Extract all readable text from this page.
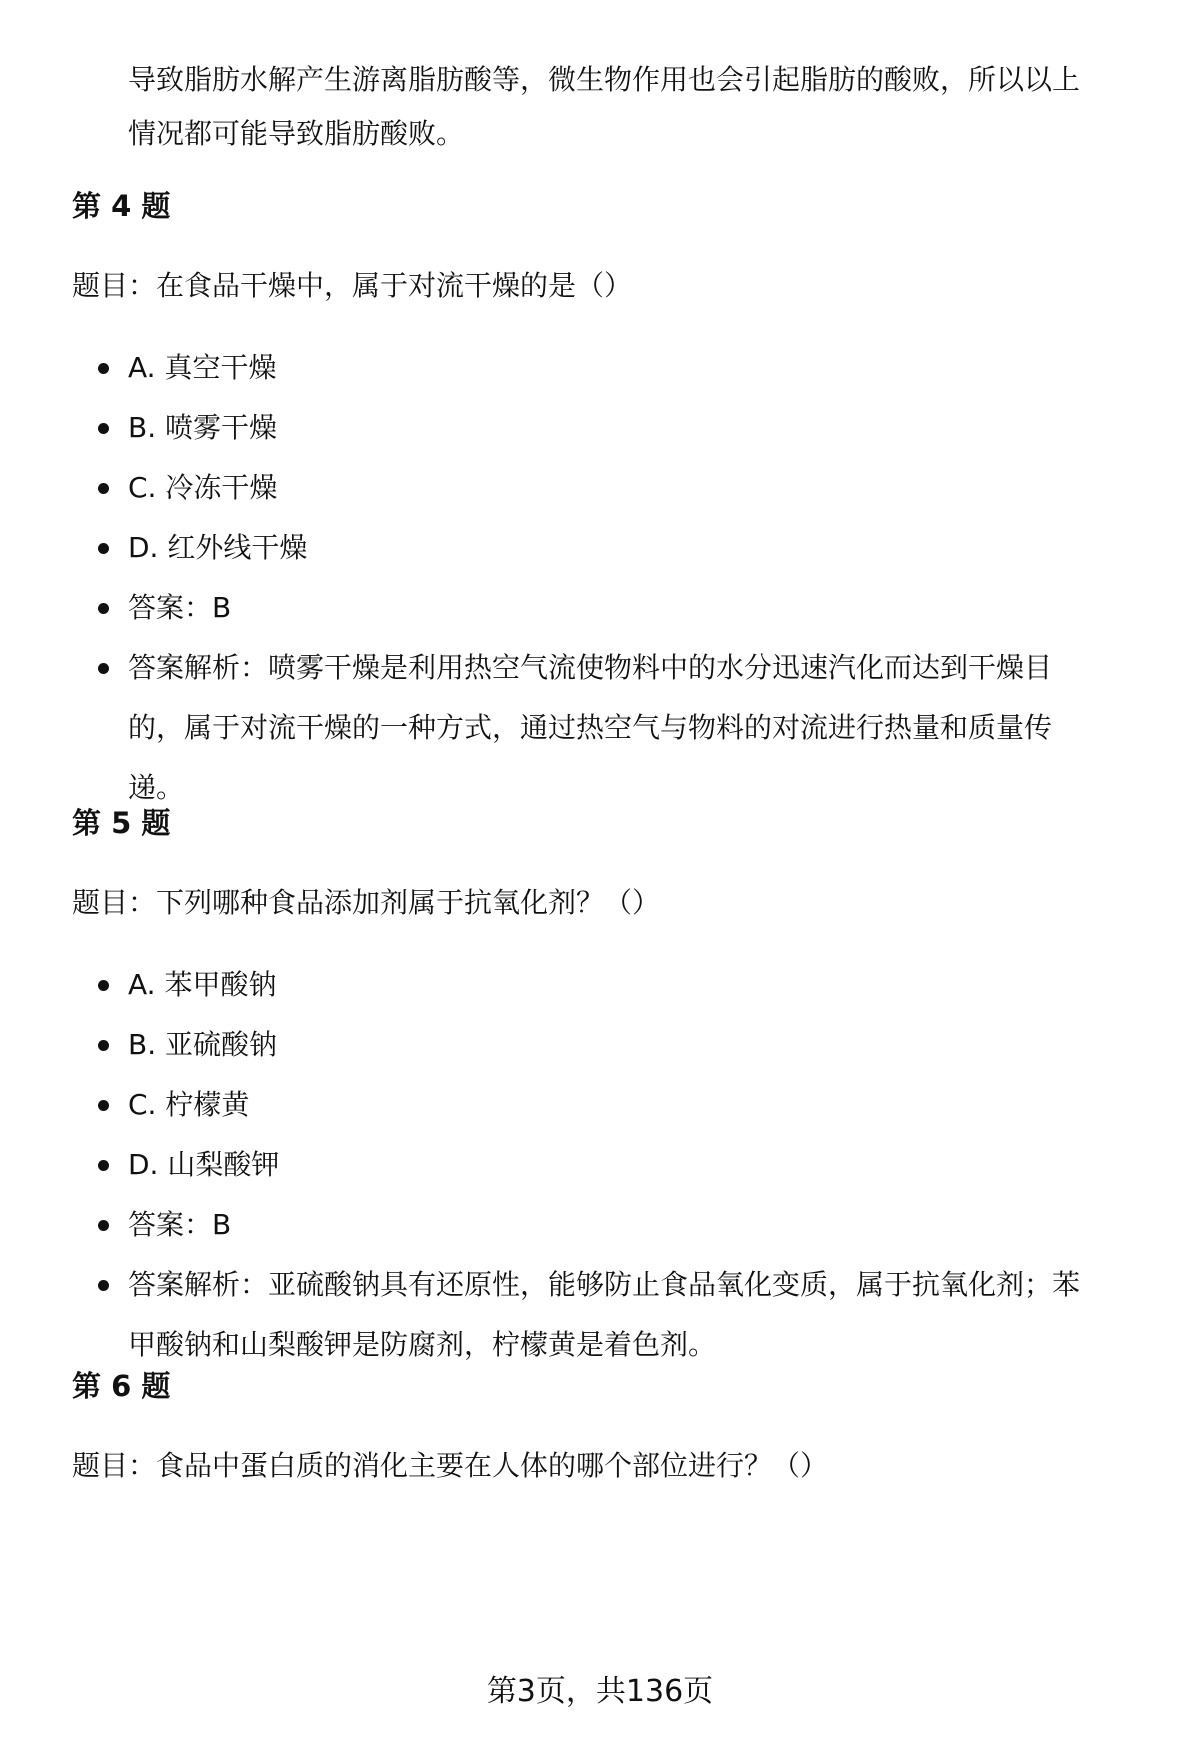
导致脂肪水解产生游离脂肪酸等，微生物作用也会引起脂肪的酸败，所以以上

情况都可能导致脂肪酸败。

第 4 题

题目：在食品干燥中，属于对流干燥的是（）

A. 真空干燥
B. 喷雾干燥
C. 冷冻干燥
D. 红外线干燥
答案：B
答案解析：喷雾干燥是利用热空气流使物料中的水分迅速汽化而达到干燥目
的，属于对流干燥的一种方式，通过热空气与物料的对流进行热量和质量传
递。
第 5 题

题目：下列哪种食品添加剂属于抗氧化剂？（）

A. 苯甲酸钠
B. 亚硫酸钠
C. 柠檬黄
D. 山梨酸钾
答案：B
答案解析：亚硫酸钠具有还原性，能够防止食品氧化变质，属于抗氧化剂；苯
甲酸钠和山梨酸钾是防腐剂，柠檬黄是着色剂。
第 6 题

题目：食品中蛋白质的消化主要在人体的哪个部位进行？（）

第3页，共136页
